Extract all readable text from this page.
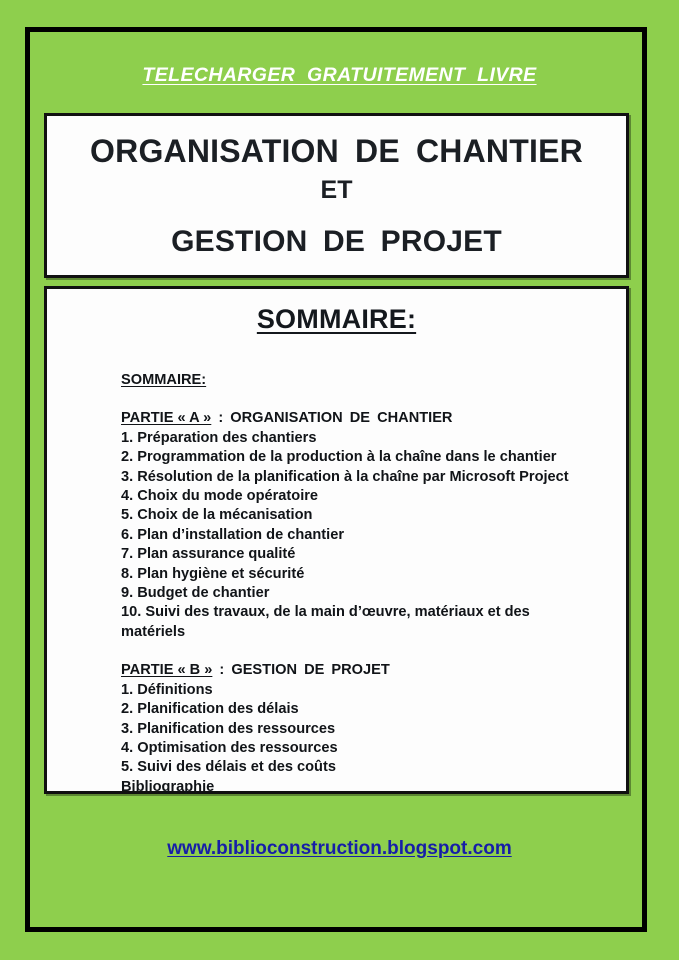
TELECHARGER GRATUITEMENT LIVRE
ORGANISATION DE CHANTIER
ET
GESTION DE PROJET
SOMMAIRE:
SOMMAIRE:
PARTIE « A » : ORGANISATION DE CHANTIER
1. Préparation des chantiers
2. Programmation de la production à la chaîne dans le chantier
3. Résolution de la planification à la chaîne par Microsoft Project
4. Choix du mode opératoire
5. Choix de la mécanisation
6. Plan d’installation de chantier
7. Plan assurance qualité
8. Plan hygiène et sécurité
9. Budget de chantier
10. Suivi des travaux, de la main d’œuvre, matériaux et des matériels
PARTIE « B » : GESTION DE PROJET
1. Définitions
2. Planification des délais
3. Planification des ressources
4. Optimisation des ressources
5. Suivi des délais et des coûts
Bibliographie
www.biblioconstruction.blogspot.com
